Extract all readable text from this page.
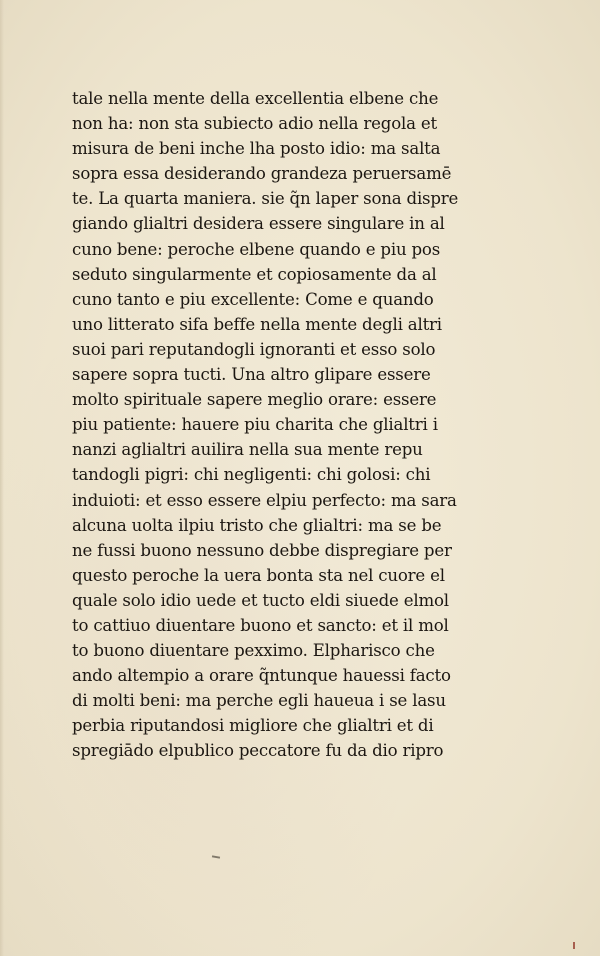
tale nella mente della excellentia elbene che
non ha: non sta subiecto adio nella regola et
misura de beni inche lha posto idio: ma salta
sopra essa desiderando grandeza peruersamē
te. La quarta maniera. sie q̃n laper sona dispre
giando glialtri desidera essere singulare in al
cuno bene: peroche elbene quando e piu pos
seduto singularmente et copiosamente da al
cuno tanto e piu excellente: Come e quando
uno litterato sifa beffe nella mente degli altri
suoi pari reputandogli ignoranti et esso solo
sapere sopra tucti. Una altro glipare essere
molto spirituale sapere meglio orare: essere
piu patiente: hauere piu charita che glialtri i
nanzi aglialtri auilira nella sua mente repu
tandogli pigri: chi negligenti: chi golosi: chi
induioti: et esso essere elpiu perfecto: ma sara
alcuna uolta ilpiu tristo che glialtri: ma se be
ne fussi buono nessuno debbe dispregiare per
questo peroche la uera bonta sta nel cuore el
quale solo idio uede et tucto eldi siuede elmol
to cattiuo diuentare buono et sancto: et il mol
to buono diuentare pexximo. Elpharisco che
ando altempio a orare q̃ntunque hauessi facto
di molti beni: ma perche egli haueua i se lasu
perbia riputandosi migliore che glialtri et di
spregiādo elpublico peccatore fu da dio ripro
